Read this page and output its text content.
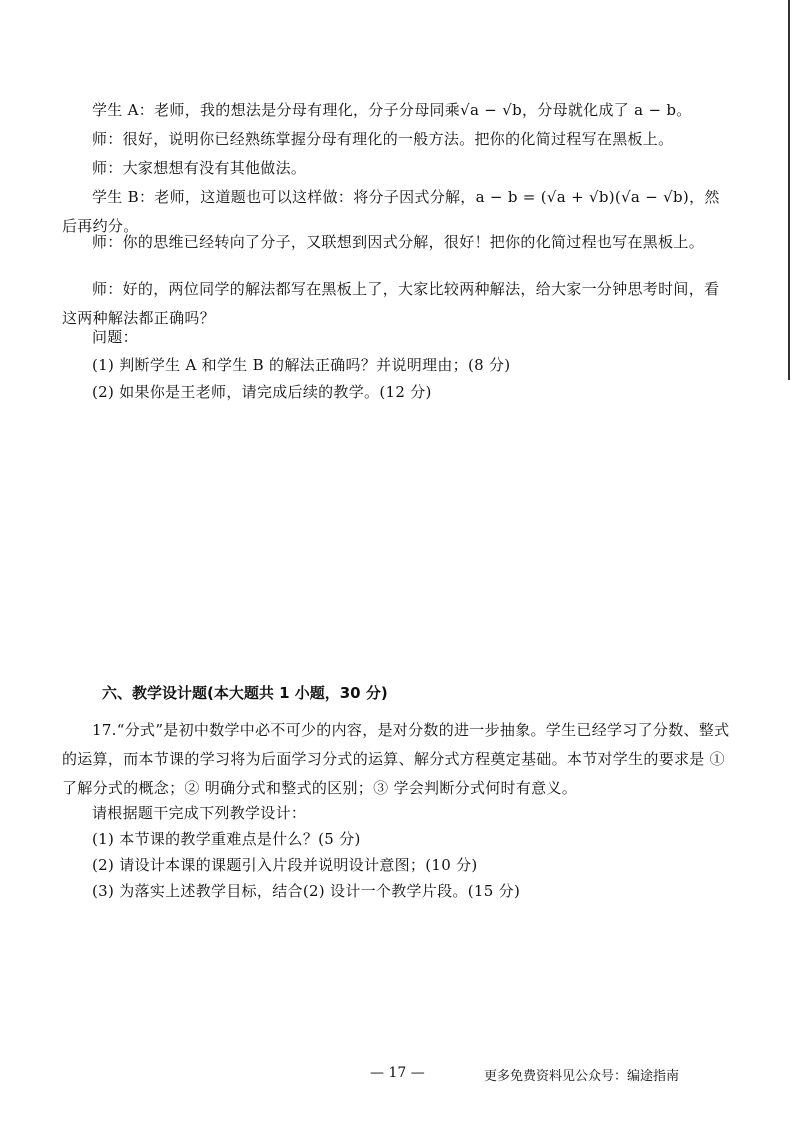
学生 A：老师，我的想法是分母有理化，分子分母同乘√a − √b，分母就化成了 a − b。

师：很好，说明你已经熟练掌握分母有理化的一般方法。把你的化简过程写在黑板上。

师：大家想想有没有其他做法。

学生 B：老师，这道题也可以这样做：将分子因式分解，a − b = (√a + √b)(√a − √b)，然后再约分。

师：你的思维已经转向了分子，又联想到因式分解，很好！把你的化简过程也写在黑板上。

师：好的，两位同学的解法都写在黑板上了，大家比较两种解法，给大家一分钟思考时间，看这两种解法都正确吗？

问题：

(1) 判断学生 A 和学生 B 的解法正确吗？并说明理由；(8 分)

(2) 如果你是王老师，请完成后续的教学。(12 分)

六、教学设计题(本大题共 1 小题，30 分)

17.“分式”是初中数学中必不可少的内容，是对分数的进一步抽象。学生已经学习了分数、整式的运算，而本节课的学习将为后面学习分式的运算、解分式方程奠定基础。本节对学生的要求是 ① 了解分式的概念；② 明确分式和整式的区别；③ 学会判断分式何时有意义。

请根据题干完成下列教学设计：

(1) 本节课的教学重难点是什么？(5 分)

(2) 请设计本课的课题引入片段并说明设计意图；(10 分)

(3) 为落实上述教学目标，结合(2) 设计一个教学片段。(15 分)

— 17 —	更多免费资料见公众号：编途指南
